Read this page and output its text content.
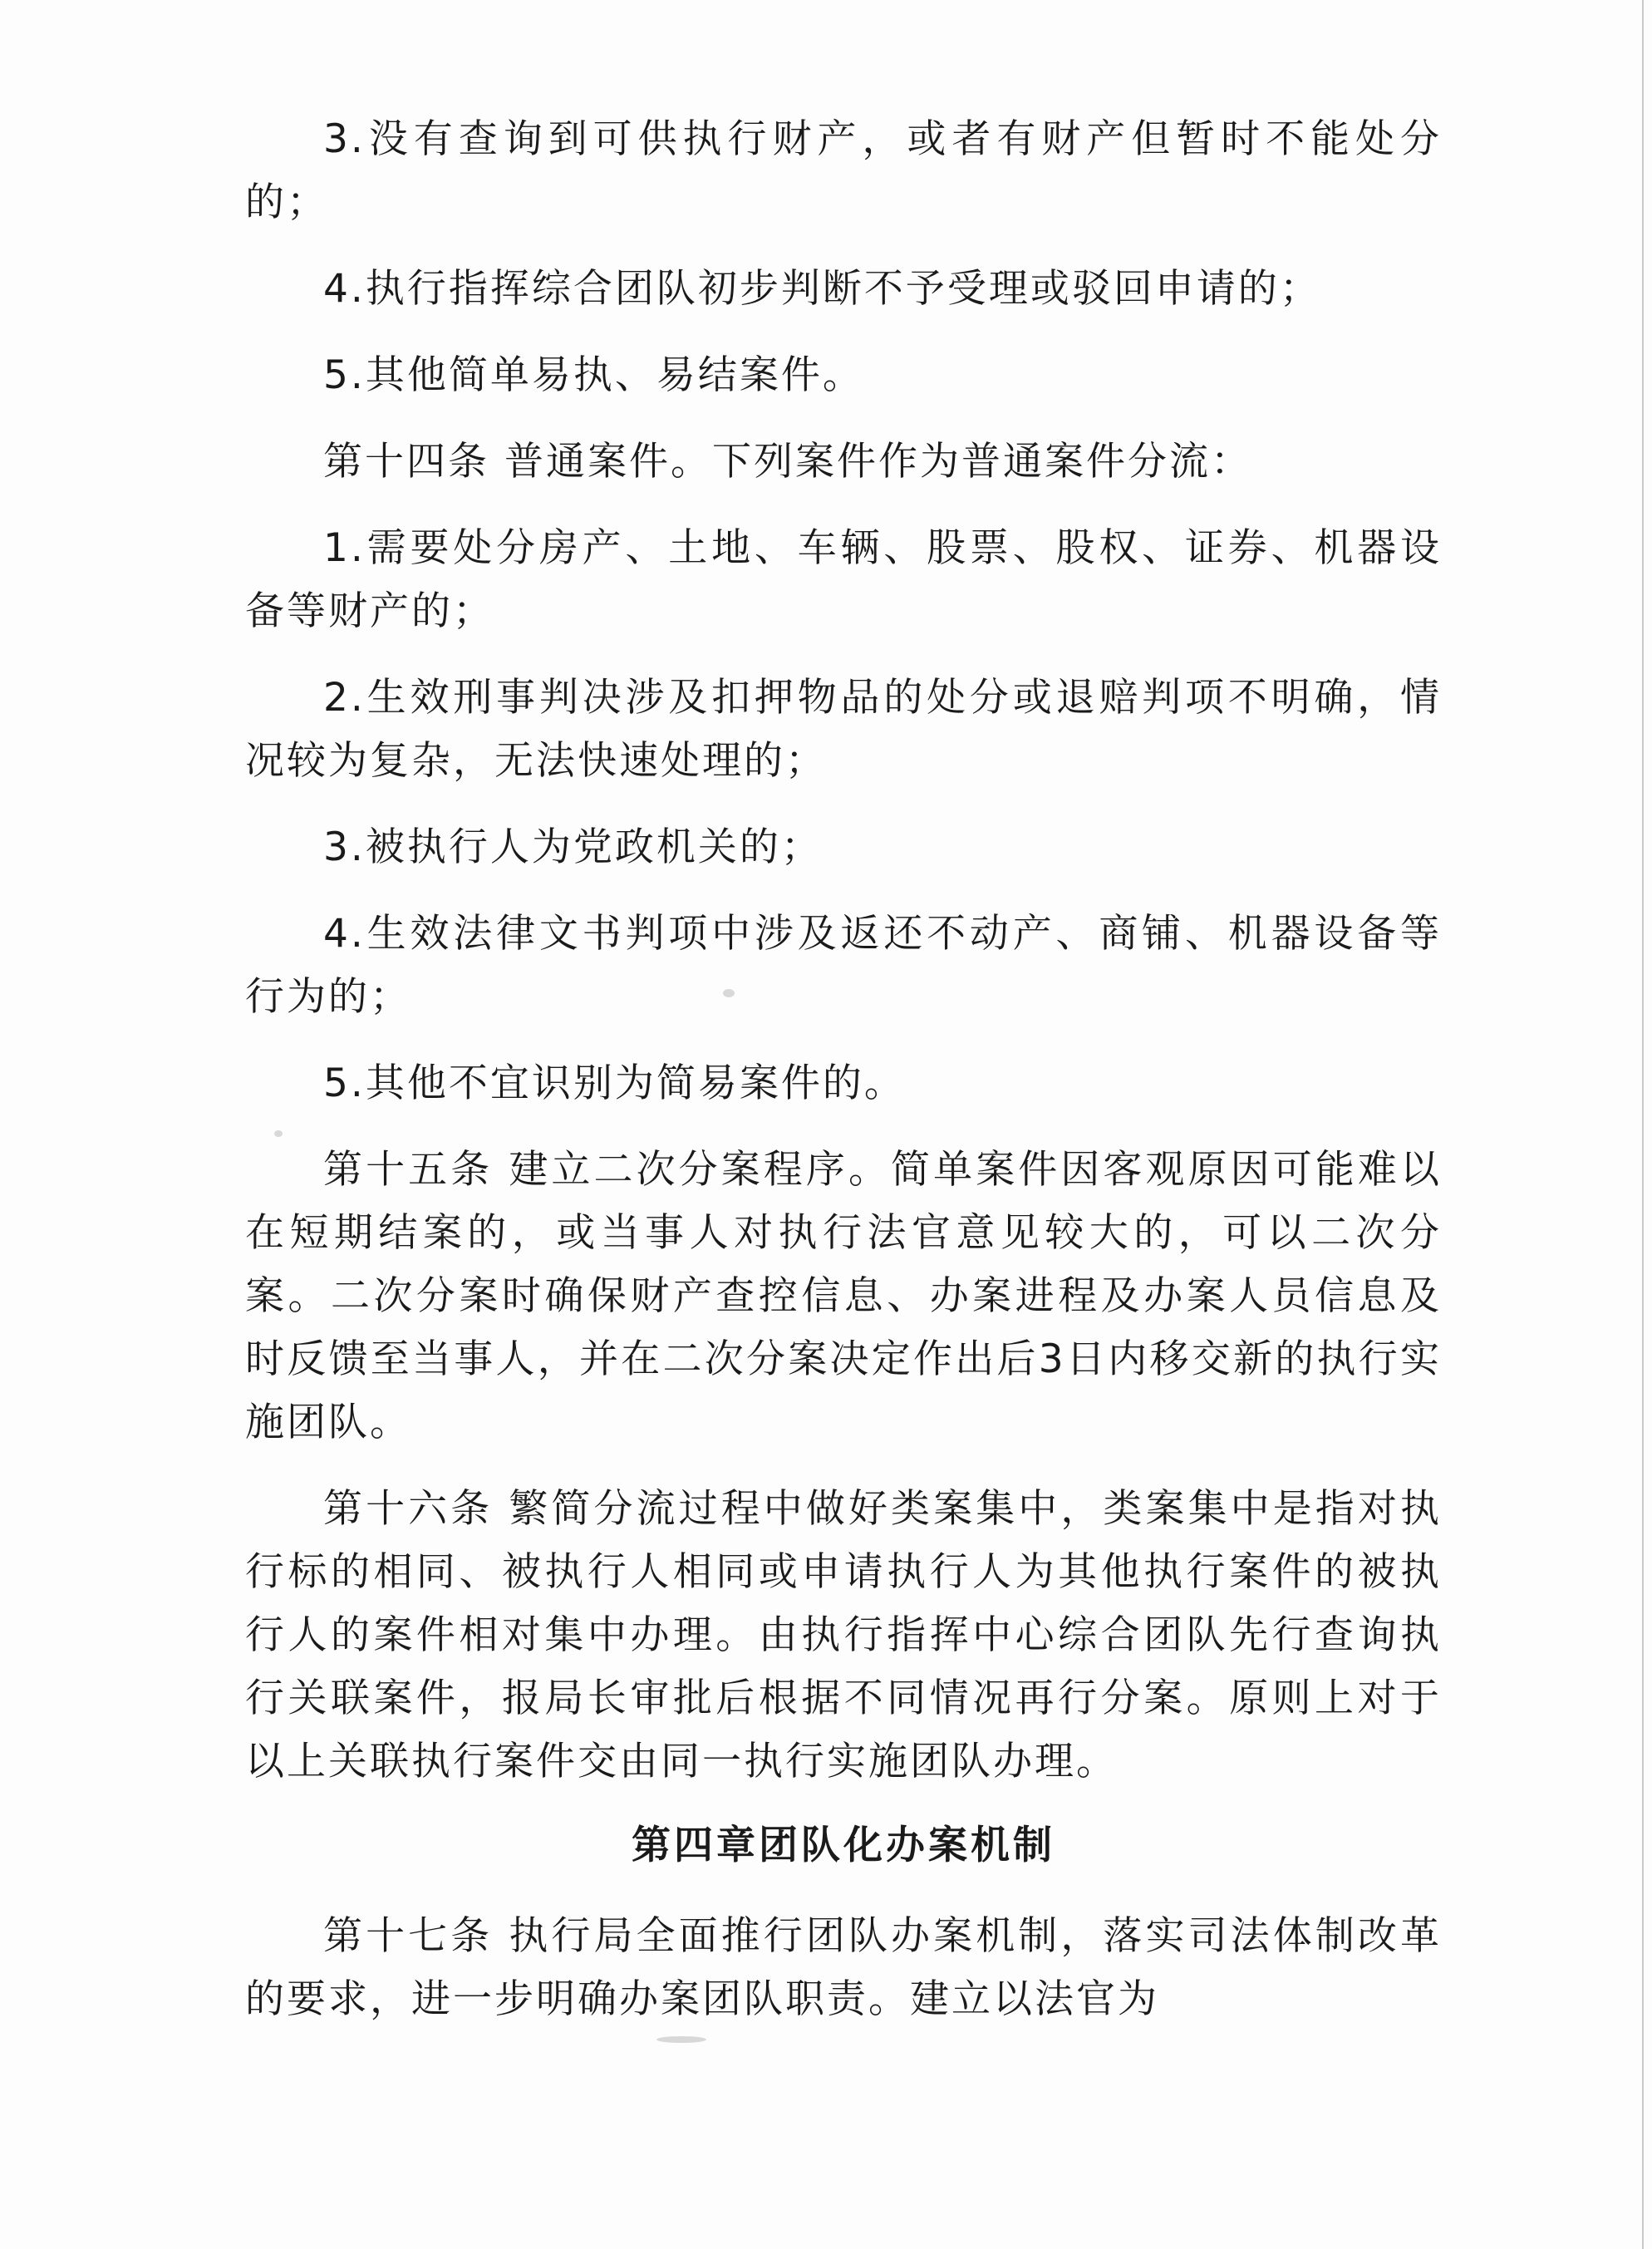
3.没有查询到可供执行财产，或者有财产但暂时不能处分的；

4.执行指挥综合团队初步判断不予受理或驳回申请的；

5.其他简单易执、易结案件。

第十四条 普通案件。下列案件作为普通案件分流：

1.需要处分房产、土地、车辆、股票、股权、证券、机器设备等财产的；

2.生效刑事判决涉及扣押物品的处分或退赔判项不明确，情况较为复杂，无法快速处理的；

3.被执行人为党政机关的；

4.生效法律文书判项中涉及返还不动产、商铺、机器设备等行为的；

5.其他不宜识别为简易案件的。

第十五条 建立二次分案程序。简单案件因客观原因可能难以在短期结案的，或当事人对执行法官意见较大的，可以二次分案。二次分案时确保财产查控信息、办案进程及办案人员信息及时反馈至当事人，并在二次分案决定作出后3日内移交新的执行实施团队。

第十六条 繁简分流过程中做好类案集中，类案集中是指对执行标的相同、被执行人相同或申请执行人为其他执行案件的被执行人的案件相对集中办理。由执行指挥中心综合团队先行查询执行关联案件，报局长审批后根据不同情况再行分案。原则上对于以上关联执行案件交由同一执行实施团队办理。

第四章团队化办案机制

第十七条 执行局全面推行团队办案机制，落实司法体制改革的要求，进一步明确办案团队职责。建立以法官为
